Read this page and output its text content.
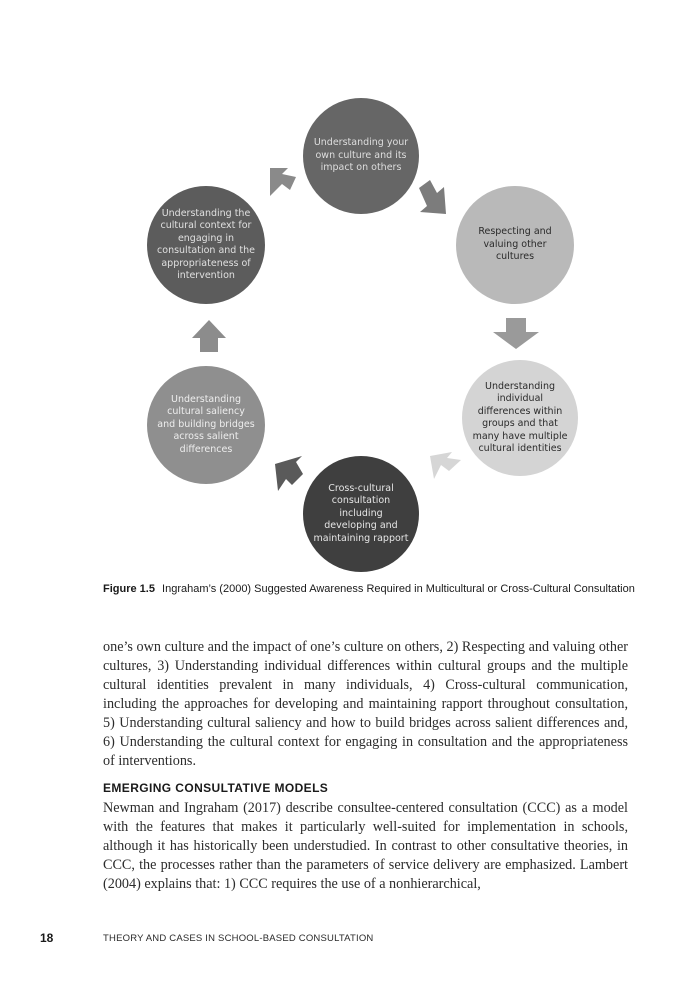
Understanding your own culture and its impact on others
Respecting and valuing other cultures
Understanding individual differences within groups and that many have multiple cultural identities
Cross-cultural consultation including developing and maintaining rapport
Understanding cultural saliency and building bridges across salient differences
Understanding the cultural context for engaging in consultation and the appropriateness of intervention
Figure 1.5 Ingraham’s (2000) Suggested Awareness Required in Multicultural or Cross-Cultural Consultation

one’s own culture and the impact of one’s culture on others, 2) Respecting and valuing other cultures, 3) Understanding individual differences within cultural groups and the multiple cultural identities prevalent in many individuals, 4) Cross-cultural communication, including the approaches for developing and maintaining rapport throughout consultation, 5) Understanding cultural saliency and how to build bridges across salient differences and, 6) Understanding the cultural context for engaging in consultation and the appropriateness of interventions.

EMERGING CONSULTATIVE MODELS

Newman and Ingraham (2017) describe consultee-centered consultation (CCC) as a model with the features that makes it particularly well-suited for implementation in schools, although it has historically been understudied. In contrast to other consultative theories, in CCC, the processes rather than the parameters of service delivery are emphasized. Lambert (2004) explains that: 1) CCC requires the use of a nonhierarchical,

18	THEORY AND CASES IN SCHOOL-BASED CONSULTATION
